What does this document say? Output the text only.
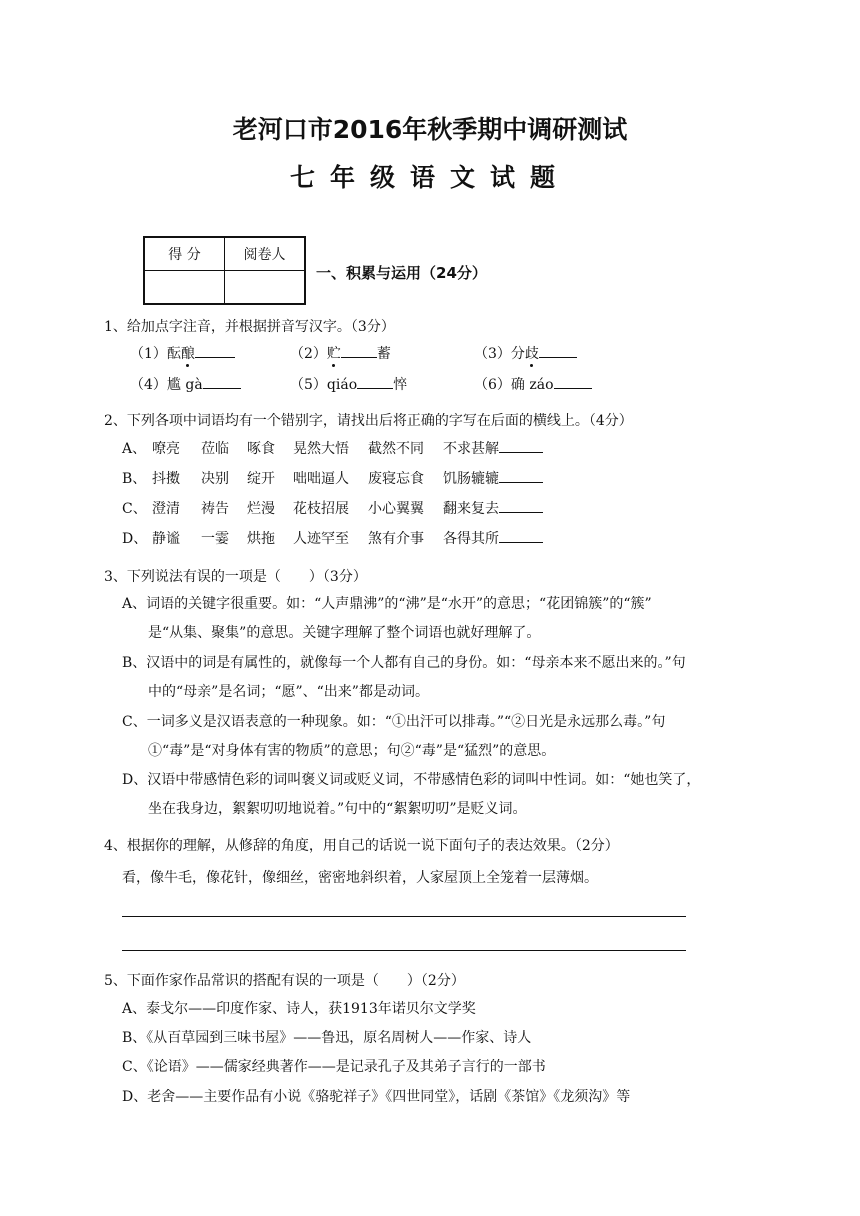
老河口市2016年秋季期中调研测试
七年级语文试题
得 分	阅卷人

一、积累与运用（24分）
1、给加点字注音，并根据拼音写汉字。（3分）
（1）酝酿	（2）贮	蓄	（3）分歧
（4）尴 gà	（5）qiáo	悴	（6）确 záo
2、下列各项中词语均有一个错别字，请找出后将正确的字写在后面的横线上。（4分）
A、 嘹亮 莅临 啄食 晃然大悟 截然不同 不求甚解
B、 抖擞 决别 绽开 咄咄逼人 废寝忘食 饥肠辘辘
C、 澄清 祷告 烂漫 花枝招展 小心翼翼 翻来复去
D、 静谧 一霎 烘拖 人迹罕至 煞有介事 各得其所
3、下列说法有误的一项是（　　）（3分）
A、词语的关键字很重要。如：“人声鼎沸”的“沸”是“水开”的意思；“花团锦簇”的“簇”
是“从集、聚集”的意思。关键字理解了整个词语也就好理解了。
B、汉语中的词是有属性的，就像每一个人都有自己的身份。如：“母亲本来不愿出来的。”句
中的“母亲”是名词；“愿”、“出来”都是动词。
C、一词多义是汉语表意的一种现象。如：“①出汗可以排毒。”“②日光是永远那么毒。”句
①“毒”是“对身体有害的物质”的意思；句②“毒”是“猛烈”的意思。
D、汉语中带感情色彩的词叫褒义词或贬义词，不带感情色彩的词叫中性词。如：“她也笑了，
坐在我身边，絮絮叨叨地说着。”句中的“絮絮叨叨”是贬义词。
4、根据你的理解，从修辞的角度，用自己的话说一说下面句子的表达效果。（2分）
看，像牛毛，像花针，像细丝，密密地斜织着，人家屋顶上全笼着一层薄烟。
5、下面作家作品常识的搭配有误的一项是（　　）（2分）
A、泰戈尔——印度作家、诗人，获1913年诺贝尔文学奖
B、《从百草园到三味书屋》——鲁迅，原名周树人——作家、诗人
C、《论语》——儒家经典著作——是记录孔子及其弟子言行的一部书
D、老舍——主要作品有小说《骆驼祥子》《四世同堂》，话剧《茶馆》《龙须沟》等
